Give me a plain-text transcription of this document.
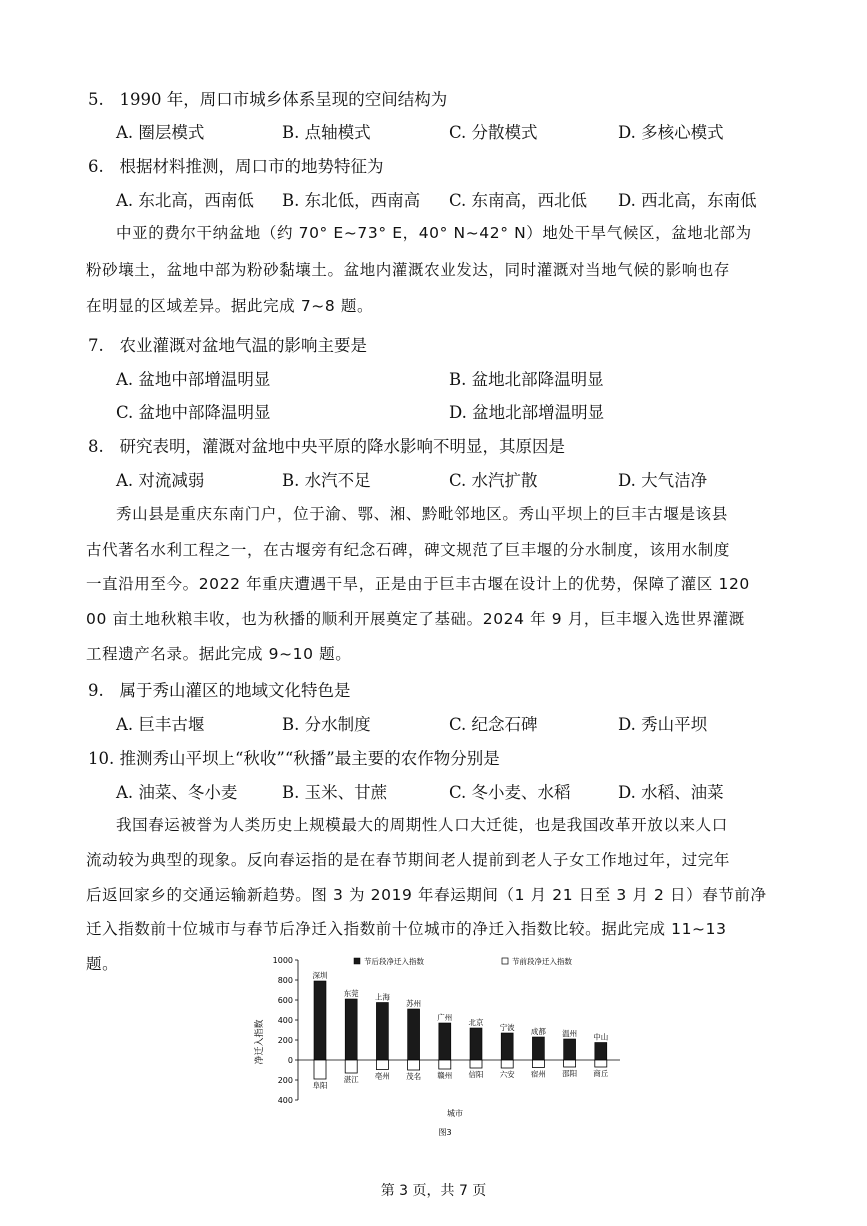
5.   1990 年，周口市城乡体系呈现的空间结构为
A. 圈层模式	B. 点轴模式	C. 分散模式	D. 多核心模式
6.   根据材料推测，周口市的地势特征为
A. 东北高，西南低 B. 东北低，西南高 C. 东南高，西北低 D. 西北高，东南低
中亚的费尔干纳盆地（约 70° E~73° E，40° N~42° N）地处干旱气候区，盆地北部为
粉砂壤土，盆地中部为粉砂黏壤土。盆地内灌溉农业发达，同时灌溉对当地气候的影响也存
在明显的区域差异。据此完成 7~8 题。
7.   农业灌溉对盆地气温的影响主要是
A. 盆地中部增温明显	B. 盆地北部降温明显
C. 盆地中部降温明显	D. 盆地北部增温明显
8.   研究表明，灌溉对盆地中央平原的降水影响不明显，其原因是
A. 对流减弱	B. 水汽不足	C. 水汽扩散	D. 大气洁净
秀山县是重庆东南门户，位于渝、鄂、湘、黔毗邻地区。秀山平坝上的巨丰古堰是该县
古代著名水利工程之一，在古堰旁有纪念石碑，碑文规范了巨丰堰的分水制度，该用水制度
一直沿用至今。2022 年重庆遭遇干旱，正是由于巨丰古堰在设计上的优势，保障了灌区 120
00 亩土地秋粮丰收，也为秋播的顺利开展奠定了基础。2024 年 9 月，巨丰堰入选世界灌溉
工程遗产名录。据此完成 9~10 题。
9.   属于秀山灌区的地域文化特色是
A. 巨丰古堰	B. 分水制度	C. 纪念石碑	D. 秀山平坝
10. 推测秀山平坝上“秋收”“秋播”最主要的农作物分别是
A. 油菜、冬小麦	B. 玉米、甘蔗	C. 冬小麦、水稻	D. 水稻、油菜
我国春运被誉为人类历史上规模最大的周期性人口大迁徙，也是我国改革开放以来人口
流动较为典型的现象。反向春运指的是在春节期间老人提前到老人子女工作地过年，过完年
后返回家乡的交通运输新趋势。图 3 为 2019 年春运期间（1 月 21 日至 3 月 2 日）春节前净
迁入指数前十位城市与春节后净迁入指数前十位城市的净迁入指数比较。据此完成 11~13
题。	1000
800
600
400
200
0
200
400
深圳
阜阳
东莞
湛江
上海
亳州
苏州
茂名
广州
赣州
北京
信阳
宁波
六安
成都
宿州
温州
邵阳
中山
商丘
节后段净迁入指数	节前段净迁入指数
净迁入指数
城市
图3
第 3 页，共 7 页
